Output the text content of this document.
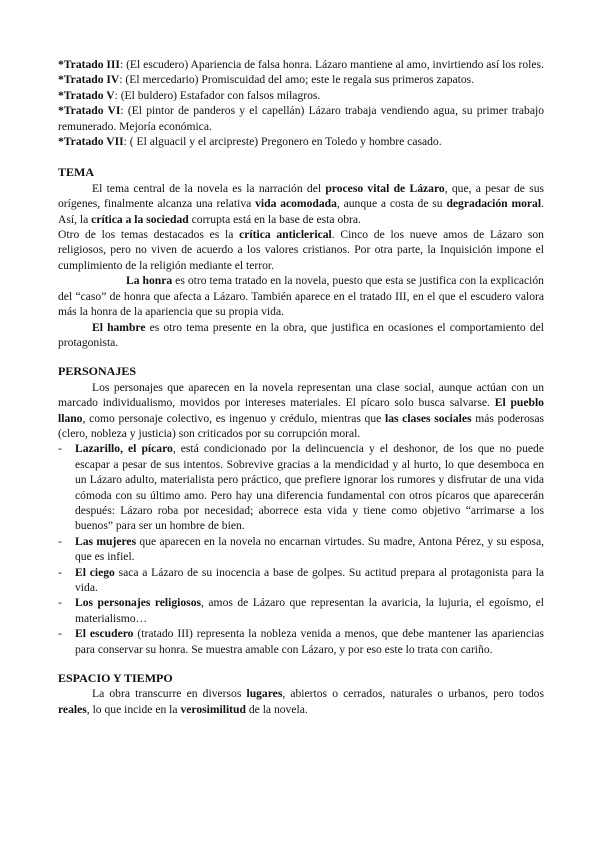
*Tratado III: (El escudero) Apariencia de falsa honra. Lázaro mantiene al amo, invirtiendo así los roles.

*Tratado IV: (El mercedario) Promiscuidad del amo; este le regala sus primeros zapatos.

*Tratado V: (El buldero) Estafador con falsos milagros.

*Tratado VI: (El pintor de panderos y el capellán) Lázaro trabaja vendiendo agua, su primer trabajo remunerado. Mejoría económica.

*Tratado VII: ( El alguacil y el arcipreste) Pregonero en Toledo y hombre casado.

TEMA

El tema central de la novela es la narración del proceso vital de Lázaro, que, a pesar de sus orígenes, finalmente alcanza una relativa vida acomodada, aunque a costa de su degradación moral. Así, la crítica a la sociedad corrupta está en la base de esta obra.

Otro de los temas destacados es la crítica anticlerical. Cinco de los nueve amos de Lázaro son religiosos, pero no viven de acuerdo a los valores cristianos. Por otra parte, la Inquisición impone el cumplimiento de la religión mediante el terror.

La honra es otro tema tratado en la novela, puesto que esta se justifica con la explicación del “caso” de honra que afecta a Lázaro. También aparece en el tratado III, en el que el escudero valora más la honra de la apariencia que su propia vida.

El hambre es otro tema presente en la obra, que justifica en ocasiones el comportamiento del protagonista.

PERSONAJES

Los personajes que aparecen en la novela representan una clase social, aunque actúan con un marcado individualismo, movidos por intereses materiales. El pícaro solo busca salvarse. El pueblo llano, como personaje colectivo, es ingenuo y crédulo, mientras que las clases sociales más poderosas (clero, nobleza y justicia) son criticados por su corrupción moral.

- Lazarillo, el pícaro, está condicionado por la delincuencia y el deshonor, de los que no puede escapar a pesar de sus intentos. Sobrevive gracias a la mendicidad y al hurto, lo que desemboca en un Lázaro adulto, materialista pero práctico, que prefiere ignorar los rumores y disfrutar de una vida cómoda con su último amo. Pero hay una diferencia fundamental con otros pícaros que aparecerán después: Lázaro roba por necesidad; aborrece esta vida y tiene como objetivo “arrimarse a los buenos” para ser un hombre de bien.
- Las mujeres que aparecen en la novela no encarnan virtudes. Su madre, Antona Pérez, y su esposa, que es infiel.
- El ciego saca a Lázaro de su inocencia a base de golpes. Su actitud prepara al protagonista para la vida.
- Los personajes religiosos, amos de Lázaro que representan la avaricia, la lujuria, el egoísmo, el materialismo…
- El escudero (tratado III) representa la nobleza venida a menos, que debe mantener las apariencias para conservar su honra. Se muestra amable con Lázaro, y por eso este lo trata con cariño.
ESPACIO Y TIEMPO

La obra transcurre en diversos lugares, abiertos o cerrados, naturales o urbanos, pero todos reales, lo que incide en la verosimilitud de la novela.
